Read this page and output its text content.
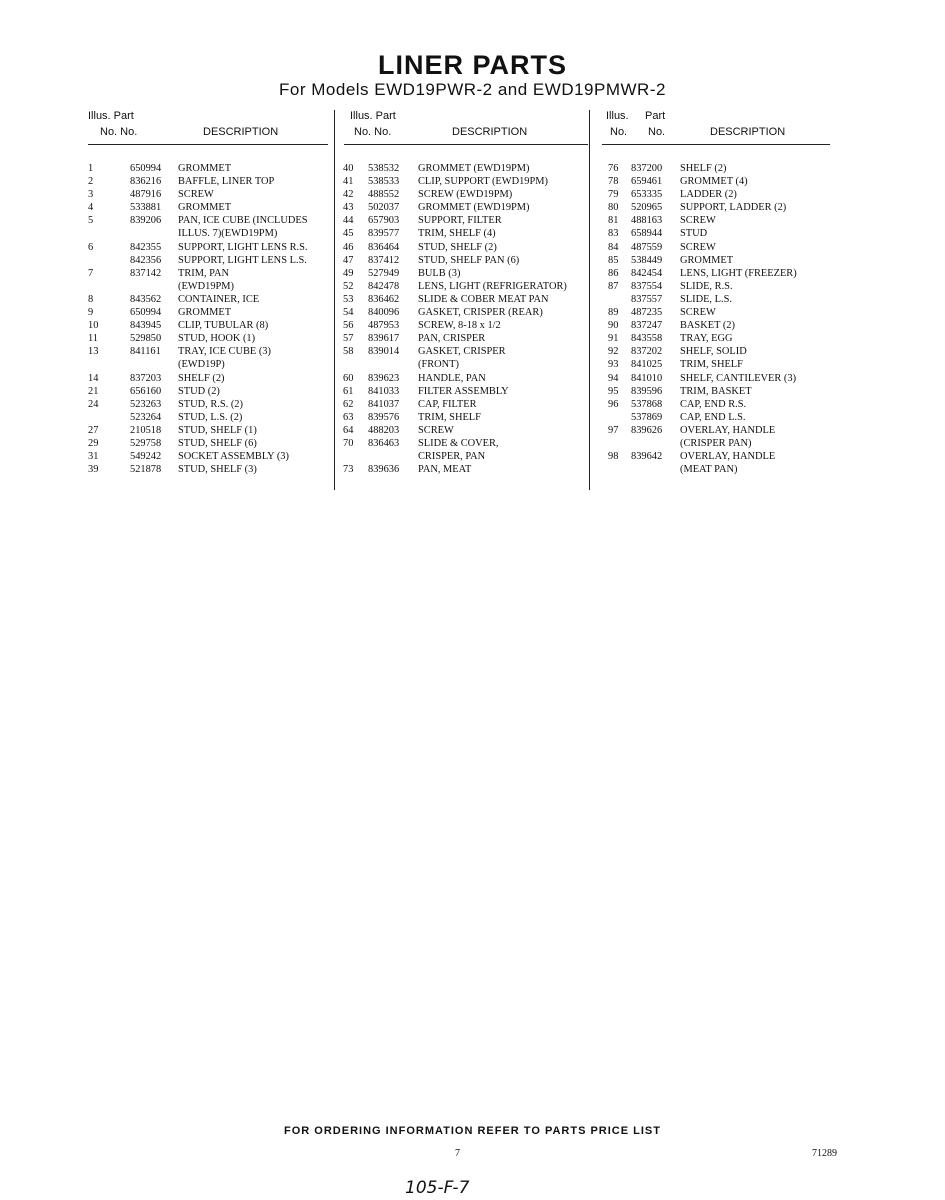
LINER PARTS
For Models EWD19PWR-2 and EWD19PMWR-2
Illus. Part
No. No.	DESCRIPTION
1	650994 GROMMET
2	836216 BAFFLE, LINER TOP
3	487916 SCREW
4	533881 GROMMET
5	839206 PAN, ICE CUBE (INCLUDES
ILLUS. 7)(EWD19PM)
6	842355 SUPPORT, LIGHT LENS R.S.
842356 SUPPORT, LIGHT LENS L.S.
7	837142 TRIM, PAN
(EWD19PM)
8	843562 CONTAINER, ICE
9	650994 GROMMET
10	843945 CLIP, TUBULAR (8)
11	529850 STUD, HOOK (1)
13	841161 TRAY, ICE CUBE (3)
(EWD19P)
14	837203 SHELF (2)
21	656160 STUD (2)
24	523263 STUD, R.S. (2)
523264 STUD, L.S. (2)
27	210518 STUD, SHELF (1)
29	529758 STUD, SHELF (6)
31	549242 SOCKET ASSEMBLY (3)
39	521878 STUD, SHELF (3)
Illus. Part
No. No.	DESCRIPTION
40 538532 GROMMET (EWD19PM)
41 538533 CLIP, SUPPORT (EWD19PM)
42 488552 SCREW (EWD19PM)
43 502037 GROMMET (EWD19PM)
44 657903 SUPPORT, FILTER
45 839577 TRIM, SHELF (4)
46 836464 STUD, SHELF (2)
47 837412 STUD, SHELF PAN (6)
49 527949 BULB (3)
52 842478 LENS, LIGHT (REFRIGERATOR)
53 836462 SLIDE & COBER MEAT PAN
54 840096 GASKET, CRISPER (REAR)
56 487953 SCREW, 8-18 x 1/2
57 839617 PAN, CRISPER
58 839014 GASKET, CRISPER
(FRONT)
60 839623 HANDLE, PAN
61 841033 FILTER ASSEMBLY
62 841037 CAP, FILTER
63 839576 TRIM, SHELF
64 488203 SCREW
70 836463 SLIDE & COVER,
CRISPER, PAN
73 839636 PAN, MEAT
Illus. Part
No. No.	DESCRIPTION
76 837200 SHELF (2)
78 659461 GROMMET (4)
79 653335 LADDER (2)
80 520965 SUPPORT, LADDER (2)
81 488163 SCREW
83 658944 STUD
84 487559 SCREW
85 538449 GROMMET
86 842454 LENS, LIGHT (FREEZER)
87 837554 SLIDE, R.S.
837557 SLIDE, L.S.
89 487235 SCREW
90 837247 BASKET (2)
91 843558 TRAY, EGG
92 837202 SHELF, SOLID
93 841025 TRIM, SHELF
94 841010 SHELF, CANTILEVER (3)
95 839596 TRIM, BASKET
96 537868 CAP, END R.S.
537869 CAP, END L.S.
97 839626 OVERLAY, HANDLE
(CRISPER PAN)
98 839642 OVERLAY, HANDLE
(MEAT PAN)
FOR ORDERING INFORMATION REFER TO PARTS PRICE LIST
7	71289
105-F-7
